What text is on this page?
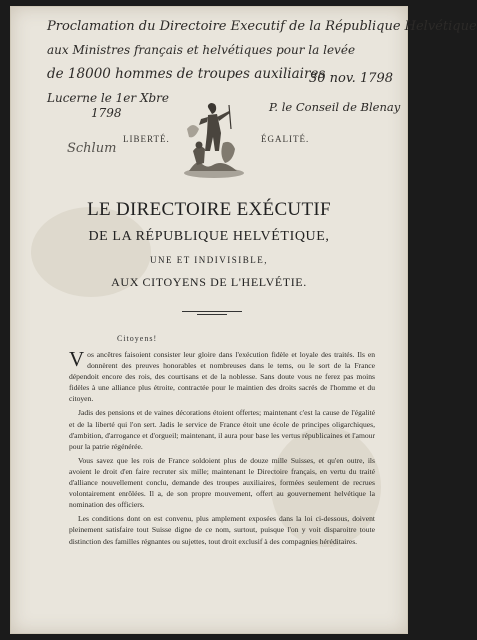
Proclamation du Directoire Executif de la République Helvétique
aux Ministres français et helvétiques pour la levée
de 18000 hommes de troupes auxiliaires
Lucerne le 1er Xbre
1798
30 nov. 1798
P. le Conseil de Blenay
Schlum
LIBERTÉ.	ÉGALITÉ.
LE DIRECTOIRE EXÉCUTIF
DE LA RÉPUBLIQUE HELVÉTIQUE,
UNE ET INDIVISIBLE,
AUX CITOYENS DE L'HELVÉTIE.
Citoyens!

Vos ancêtres faisoient consister leur gloire dans l'exécution fidèle et loyale des traités. Ils en donnèrent des preuves honorables et nombreuses dans le tems, ou le sort de la France dépendoit encore des rois, des courtisans et de la noblesse. Sans doute vous ne ferez pas moins fidèles à une alliance plus étroite, contractée pour le maintien des droits sacrés de l'homme et du citoyen.

Jadis des pensions et de vaines décorations étoient offertes; maintenant c'est la cause de l'égalité et de la liberté qui l'on sert. Jadis le service de France étoit une école de principes oligarchiques, d'ambition, d'arrogance et d'orgueil; maintenant, il aura pour base les vertus républicaines et l'amour pour la patrie régénérée.

Vous savez que les rois de France soldoient plus de douze mille Suisses, et qu'en outre, ils avoient le droit d'en faire recruter six mille; maintenant le Directoire français, en vertu du traité d'alliance nouvellement conclu, demande des troupes auxiliaires, formées seulement de recrues volontairement enrôlées. Il a, de son propre mouvement, offert au gouvernement helvétique la nomination des officiers.

Les conditions dont on est convenu, plus amplement exposées dans la loi ci-dessous, doivent pleinement satisfaire tout Suisse digne de ce nom, surtout, puisque l'on y voit disparoitre toute distinction des familles régnantes ou sujettes, tout droit exclusif à des compagnies héréditaires.
